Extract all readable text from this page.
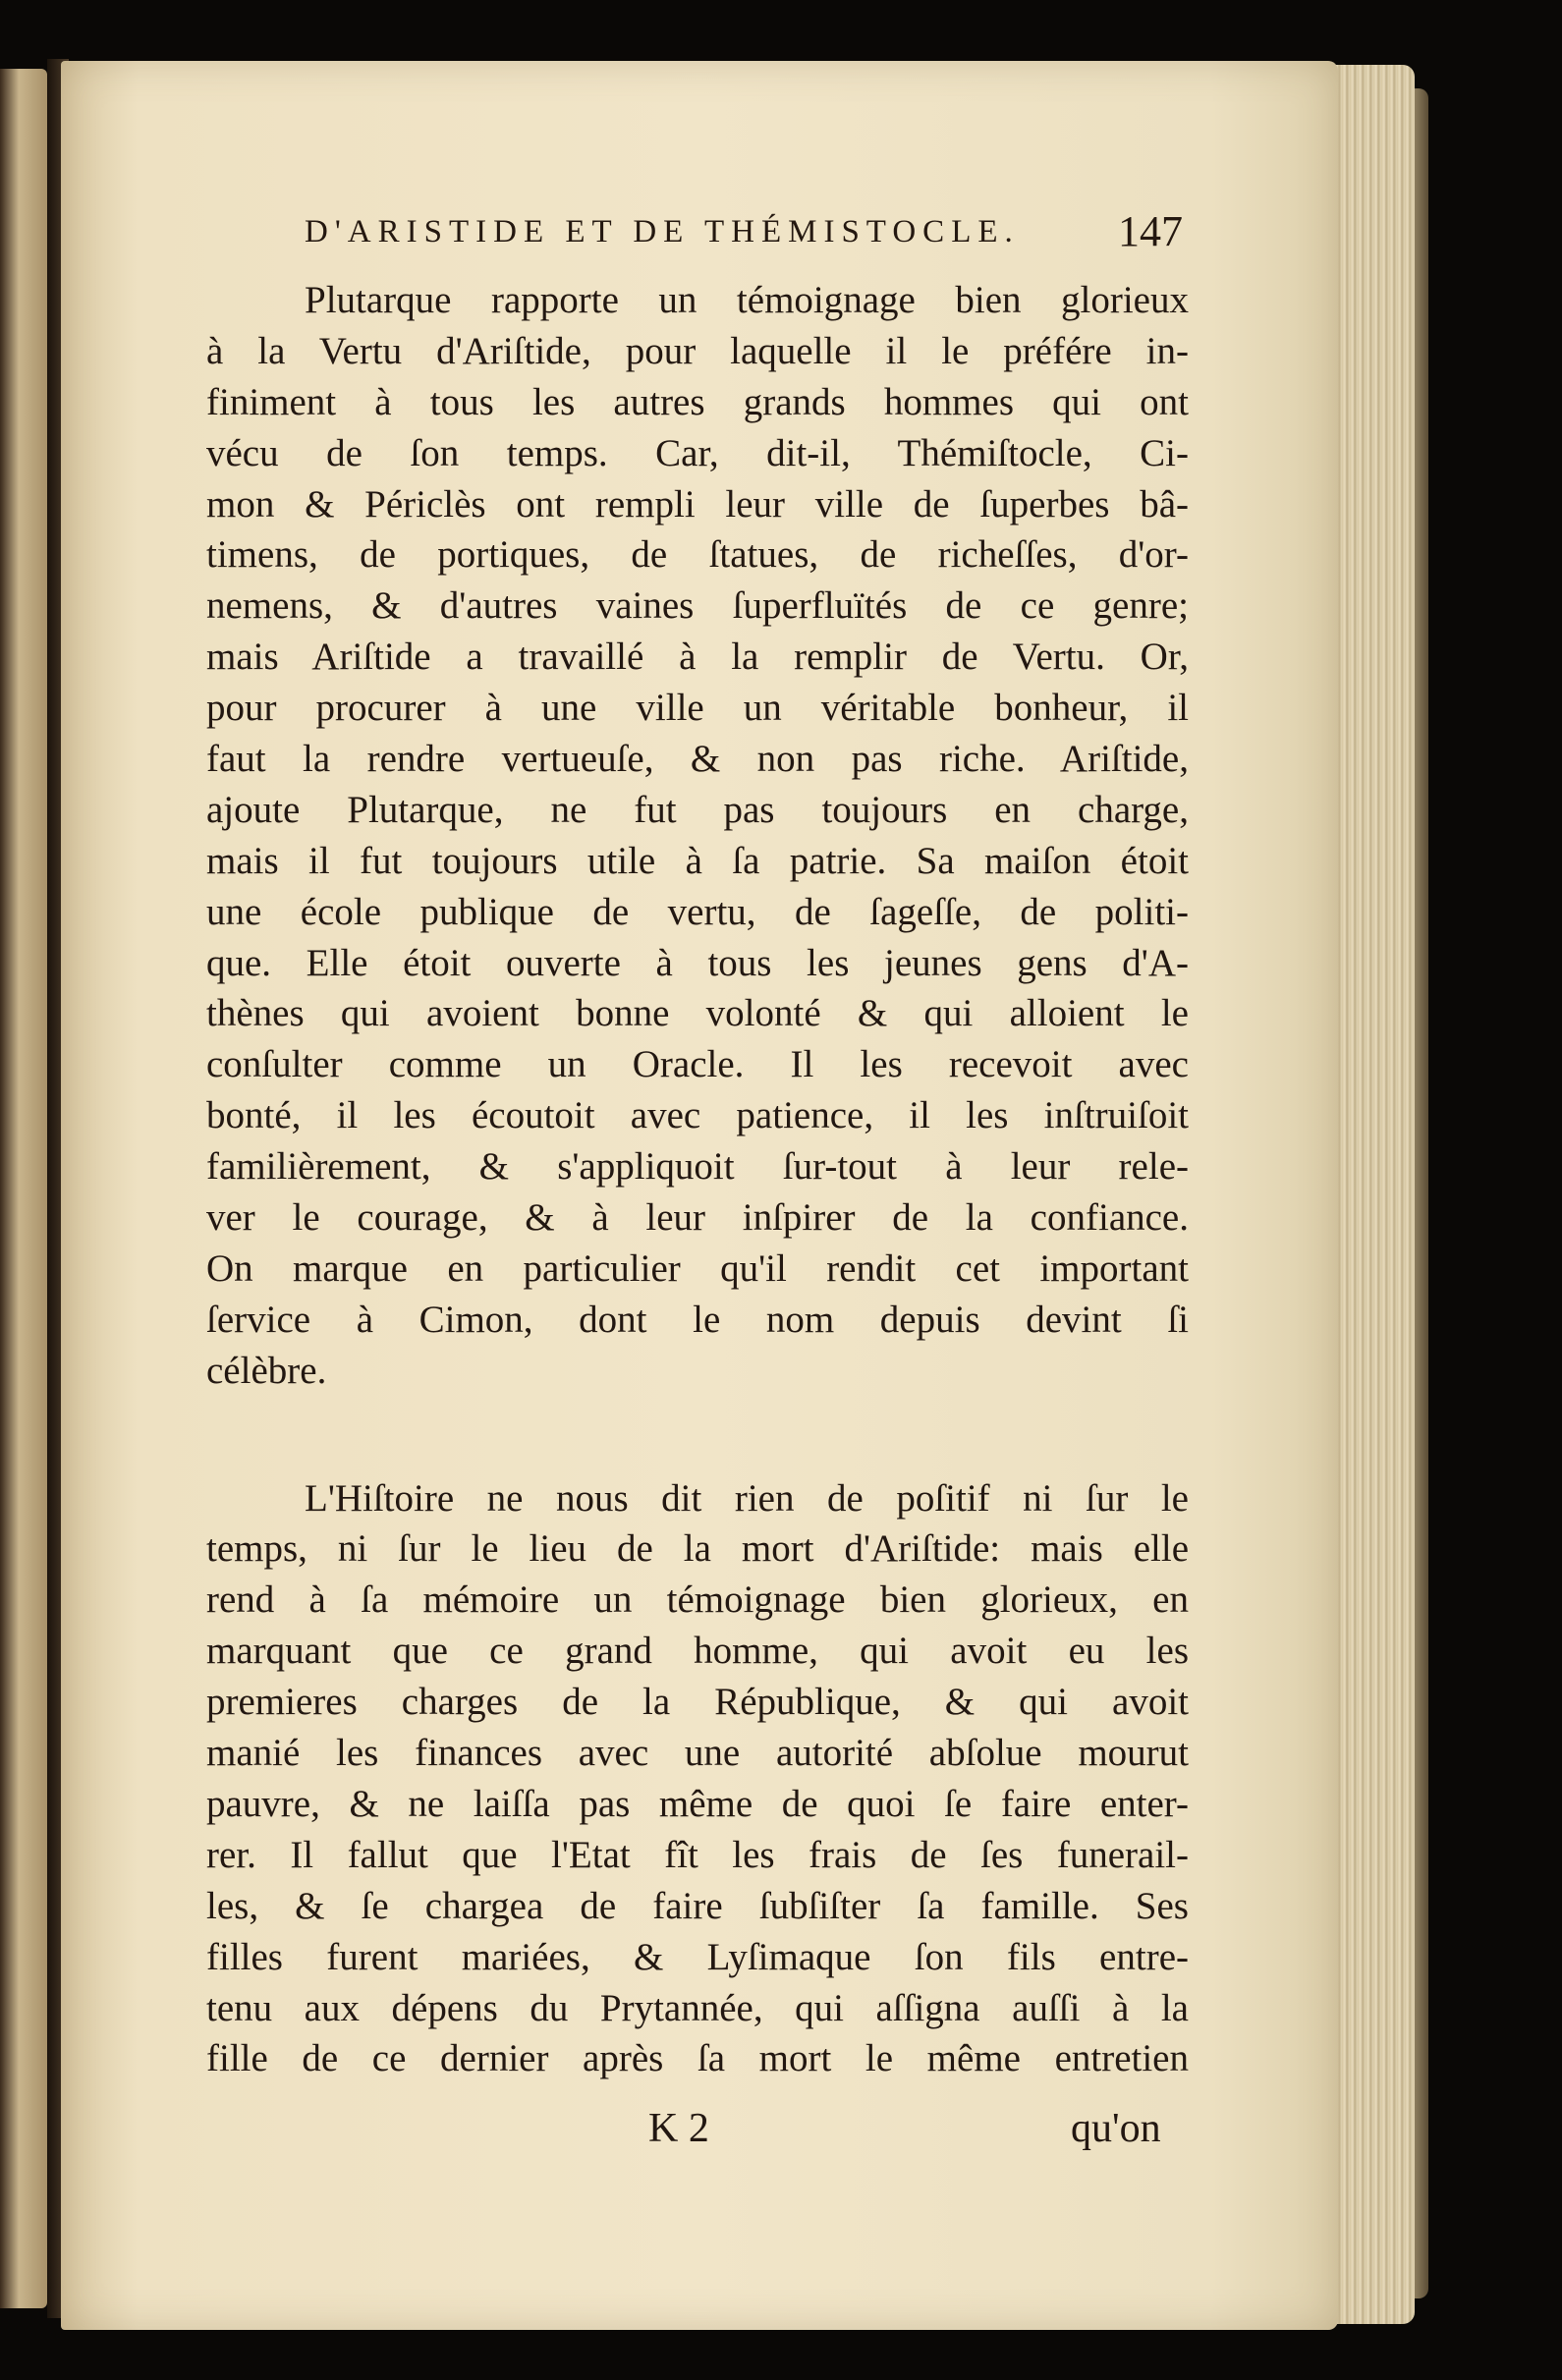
D'ARISTIDE ET DE THÉMISTOCLE.	147
Plutarque rapporte un témoignage bien glorieux
à la Vertu d'Ariſtide, pour laquelle il le préfére in-
finiment à tous les autres grands hommes qui ont
vécu de ſon temps. Car, dit-il, Thémiſtocle, Ci-
mon & Périclès ont rempli leur ville de ſuperbes bâ-
timens, de portiques, de ſtatues, de richeſſes, d'or-
nemens, & d'autres vaines ſuperfluïtés de ce genre;
mais Ariſtide a travaillé à la remplir de Vertu. Or,
pour procurer à une ville un véritable bonheur, il
faut la rendre vertueuſe, & non pas riche. Ariſtide,
ajoute Plutarque, ne fut pas toujours en charge,
mais il fut toujours utile à ſa patrie. Sa maiſon étoit
une école publique de vertu, de ſageſſe, de politi-
que. Elle étoit ouverte à tous les jeunes gens d'A-
thènes qui avoient bonne volonté & qui alloient le
conſulter comme un Oracle. Il les recevoit avec
bonté, il les écoutoit avec patience, il les inſtruiſoit
familièrement, & s'appliquoit ſur-tout à leur rele-
ver le courage, & à leur inſpirer de la confiance.
On marque en particulier qu'il rendit cet important
ſervice à Cimon, dont le nom depuis devint ſi
célèbre.
L'Hiſtoire ne nous dit rien de poſitif ni ſur le
temps, ni ſur le lieu de la mort d'Ariſtide: mais elle
rend à ſa mémoire un témoignage bien glorieux, en
marquant que ce grand homme, qui avoit eu les
premieres charges de la République, & qui avoit
manié les finances avec une autorité abſolue mourut
pauvre, & ne laiſſa pas même de quoi ſe faire enter-
rer. Il fallut que l'Etat fît les frais de ſes funerail-
les, & ſe chargea de faire ſubſiſter ſa famille. Ses
filles furent mariées, & Lyſimaque ſon fils entre-
tenu aux dépens du Prytannée, qui aſſigna auſſi à la
fille de ce dernier après ſa mort le même entretien
K 2	qu'on
